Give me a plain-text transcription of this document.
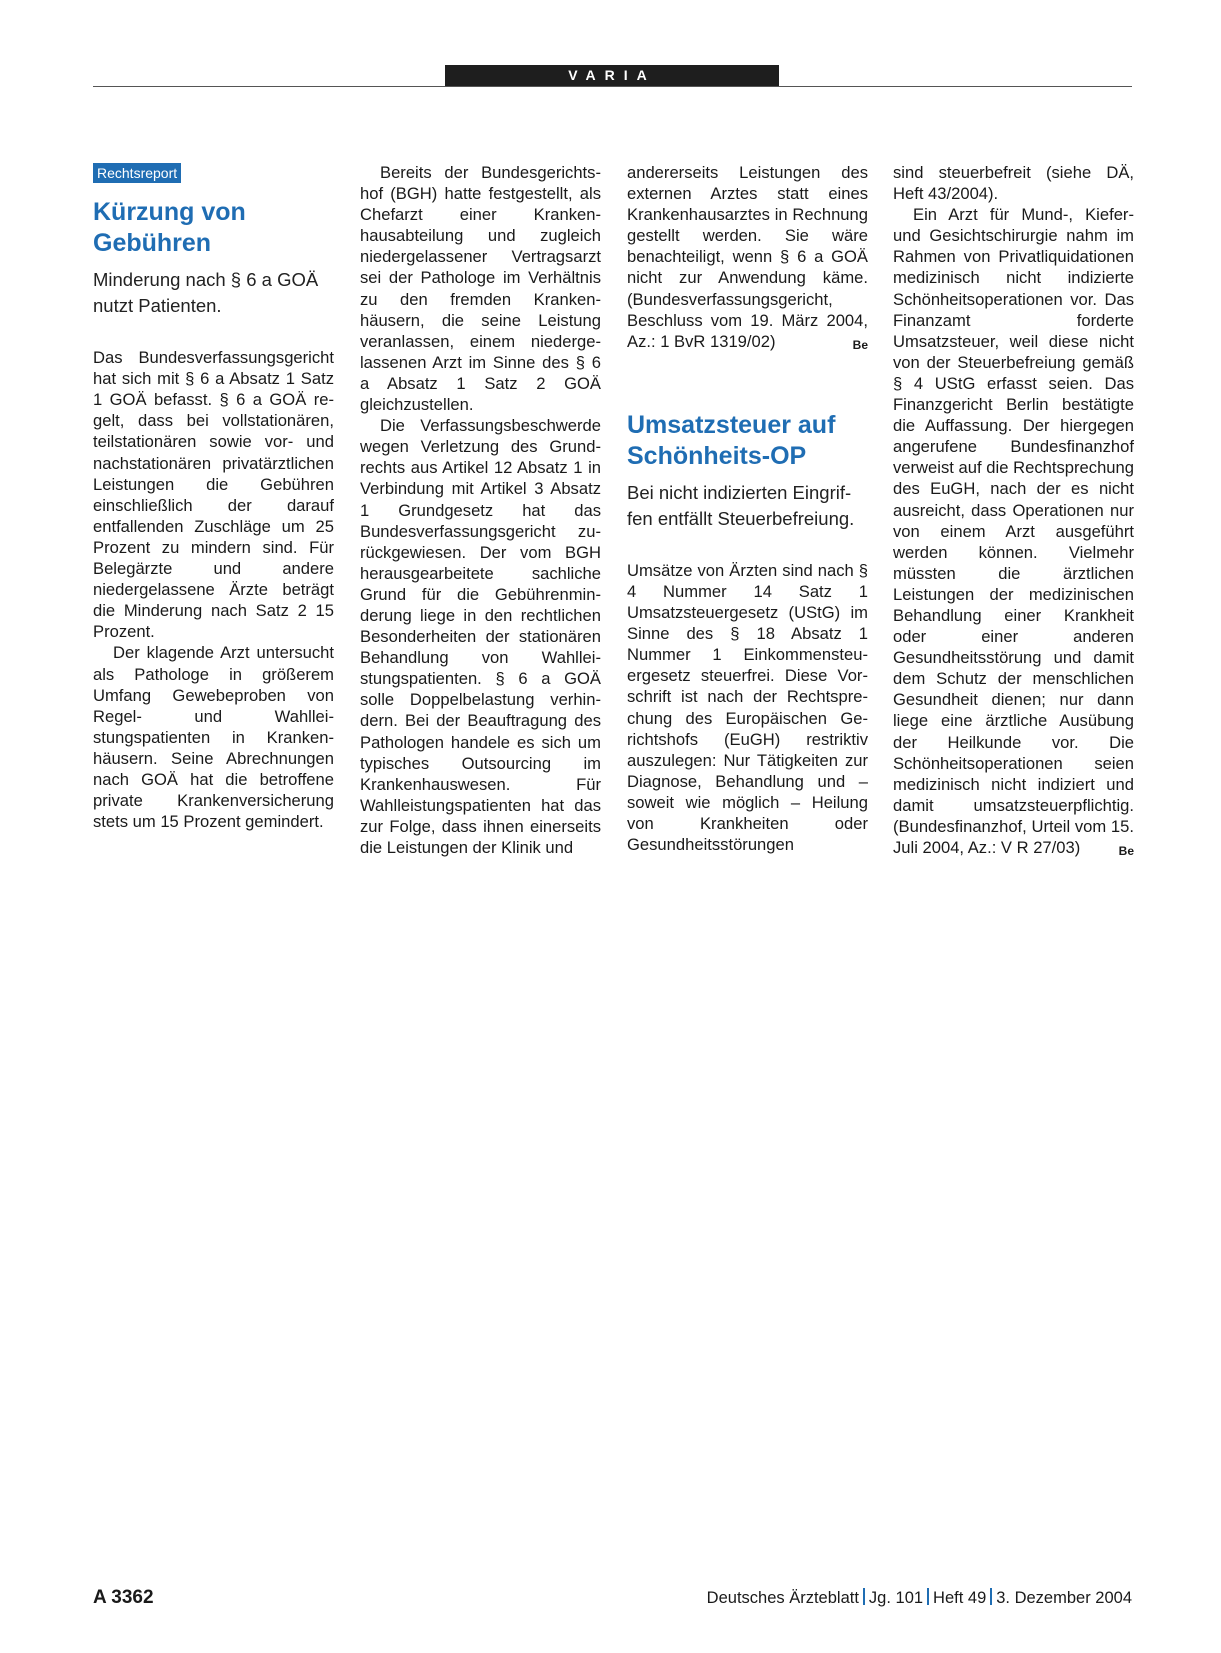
VARIA
Rechtsreport
Kürzung von Gebühren

Minderung nach § 6 a GOÄ nutzt Patienten.

Das Bundesverfassungsgericht hat sich mit § 6 a Absatz 1 Satz 1 GOÄ befasst. § 6 a GOÄ regelt, dass bei vollstationären, teilstationären sowie vor- und nachstationären privatärztlichen Leistungen die Gebühren einschließlich der darauf entfallenden Zuschläge um 25 Prozent zu mindern sind. Für Belegärzte und andere niedergelassene Ärzte beträgt die Minderung nach Satz 2 15 Prozent.

Der klagende Arzt untersucht als Pathologe in größerem Umfang Gewebeproben von Regel- und Wahlleistungspatienten in Krankenhäusern. Seine Abrechnungen nach GOÄ hat die betroffene private Krankenversicherung stets um 15 Prozent gemindert.

Bereits der Bundesgerichtshof (BGH) hatte festgestellt, als Chefarzt einer Krankenhausabteilung und zugleich niedergelassener Vertragsarzt sei der Pathologe im Verhältnis zu den fremden Krankenhäusern, die seine Leistung veranlassen, einem niedergelassenen Arzt im Sinne des § 6 a Absatz 1 Satz 2 GOÄ gleichzustellen.

Die Verfassungsbeschwerde wegen Verletzung des Grundrechts aus Artikel 12 Absatz 1 in Verbindung mit Artikel 3 Absatz 1 Grundgesetz hat das Bundesverfassungsgericht zurückgewiesen. Der vom BGH herausgearbeitete sachliche Grund für die Gebührenminderung liege in den rechtlichen Besonderheiten der stationären Behandlung von Wahlleistungspatienten. § 6 a GOÄ solle Doppelbelastung verhindern. Bei der Beauftragung des Pathologen handele es sich um typisches Outsourcing im Krankenhauswesen. Für Wahlleistungspatienten hat das zur Folge, dass ihnen einerseits die Leistungen der Klinik und

andererseits Leistungen des externen Arztes statt eines Krankenhausarztes in Rechnung gestellt werden. Sie wäre benachteiligt, wenn § 6 a GOÄ nicht zur Anwendung käme. (Bundesverfassungsgericht, Beschluss vom 19. März 2004, Az.: 1 BvR 1319/02)	Be

Umsatzsteuer auf Schönheits-OP

Bei nicht indizierten Eingriffen entfällt Steuerbefreiung.

Umsätze von Ärzten sind nach § 4 Nummer 14 Satz 1 Umsatzsteuergesetz (UStG) im Sinne des § 18 Absatz 1 Nummer 1 Einkommensteuergesetz steuerfrei. Diese Vorschrift ist nach der Rechtsprechung des Europäischen Gerichtshofs (EuGH) restriktiv auszulegen: Nur Tätigkeiten zur Diagnose, Behandlung und – soweit wie möglich – Heilung von Krankheiten oder Gesundheitsstörungen

sind steuerbefreit (siehe DÄ, Heft 43/2004).

Ein Arzt für Mund-, Kiefer- und Gesichtschirurgie nahm im Rahmen von Privatliquidationen medizinisch nicht indizierte Schönheitsoperationen vor. Das Finanzamt forderte Umsatzsteuer, weil diese nicht von der Steuerbefreiung gemäß § 4 UStG erfasst seien. Das Finanzgericht Berlin bestätigte die Auffassung. Der hiergegen angerufene Bundesfinanzhof verweist auf die Rechtsprechung des EuGH, nach der es nicht ausreicht, dass Operationen nur von einem Arzt ausgeführt werden können. Vielmehr müssten die ärztlichen Leistungen der medizinischen Behandlung einer Krankheit oder einer anderen Gesundheitsstörung und damit dem Schutz der menschlichen Gesundheit dienen; nur dann liege eine ärztliche Ausübung der Heilkunde vor. Die Schönheitsoperationen seien medizinisch nicht indiziert und damit umsatzsteuerpflichtig. (Bundesfinanzhof, Urteil vom 15. Juli 2004, Az.: V R 27/03)	Be

A 3362	Deutsches Ärzteblatt Jg. 101 Heft 49 3. Dezember 2004
